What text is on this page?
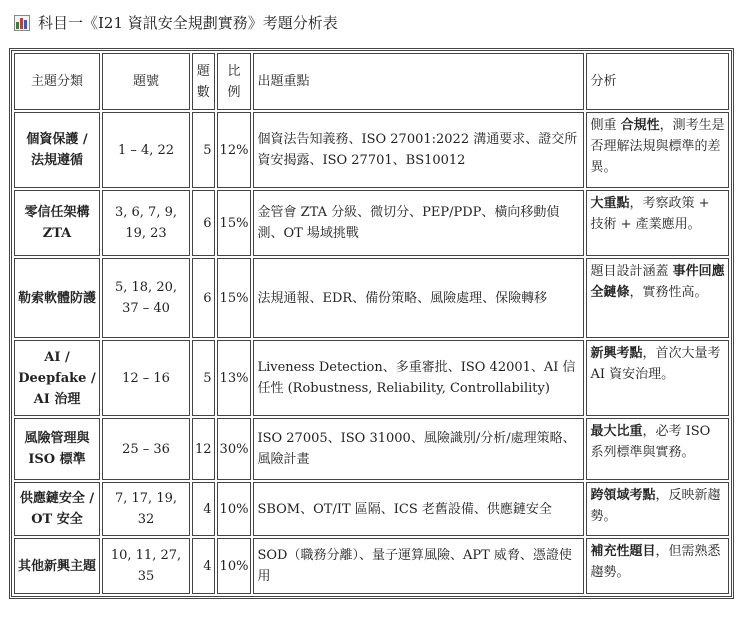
科目一《I21 資訊安全規劃實務》考題分析表
主題分類	題號	題數	比例	出題重點	分析
個資保護 / 法規遵循	1 – 4, 22	5	12%	個資法告知義務、ISO 27001:2022 溝通要求、證交所資安揭露、ISO 27701、BS10012	側重 合規性，測考生是否理解法規與標準的差異。
零信任架構 ZTA	3, 6, 7, 9, 19, 23	6	15%	金管會 ZTA 分級、微切分、PEP/PDP、橫向移動偵測、OT 場域挑戰	大重點，考察政策 + 技術 + 產業應用。
勒索軟體防護	5, 18, 20, 37 – 40	6	15%	法規通報、EDR、備份策略、風險處理、保險轉移	題目設計涵蓋 事件回應全鏈條，實務性高。
AI / Deepfake / AI 治理	12 – 16	5	13%	Liveness Detection、多重審批、ISO 42001、AI 信任性 (Robustness, Reliability, Controllability)	新興考點，首次大量考 AI 資安治理。
風險管理與 ISO 標準	25 – 36	12	30%	ISO 27005、ISO 31000、風險識別/分析/處理策略、風險計畫	最大比重，必考 ISO 系列標準與實務。
供應鏈安全 / OT 安全	7, 17, 19, 32	4	10%	SBOM、OT/IT 區隔、ICS 老舊設備、供應鏈安全	跨領域考點，反映新趨勢。
其他新興主題	10, 11, 27, 35	4	10%	SOD（職務分離）、量子運算風險、APT 威脅、憑證使用	補充性題目，但需熟悉趨勢。
